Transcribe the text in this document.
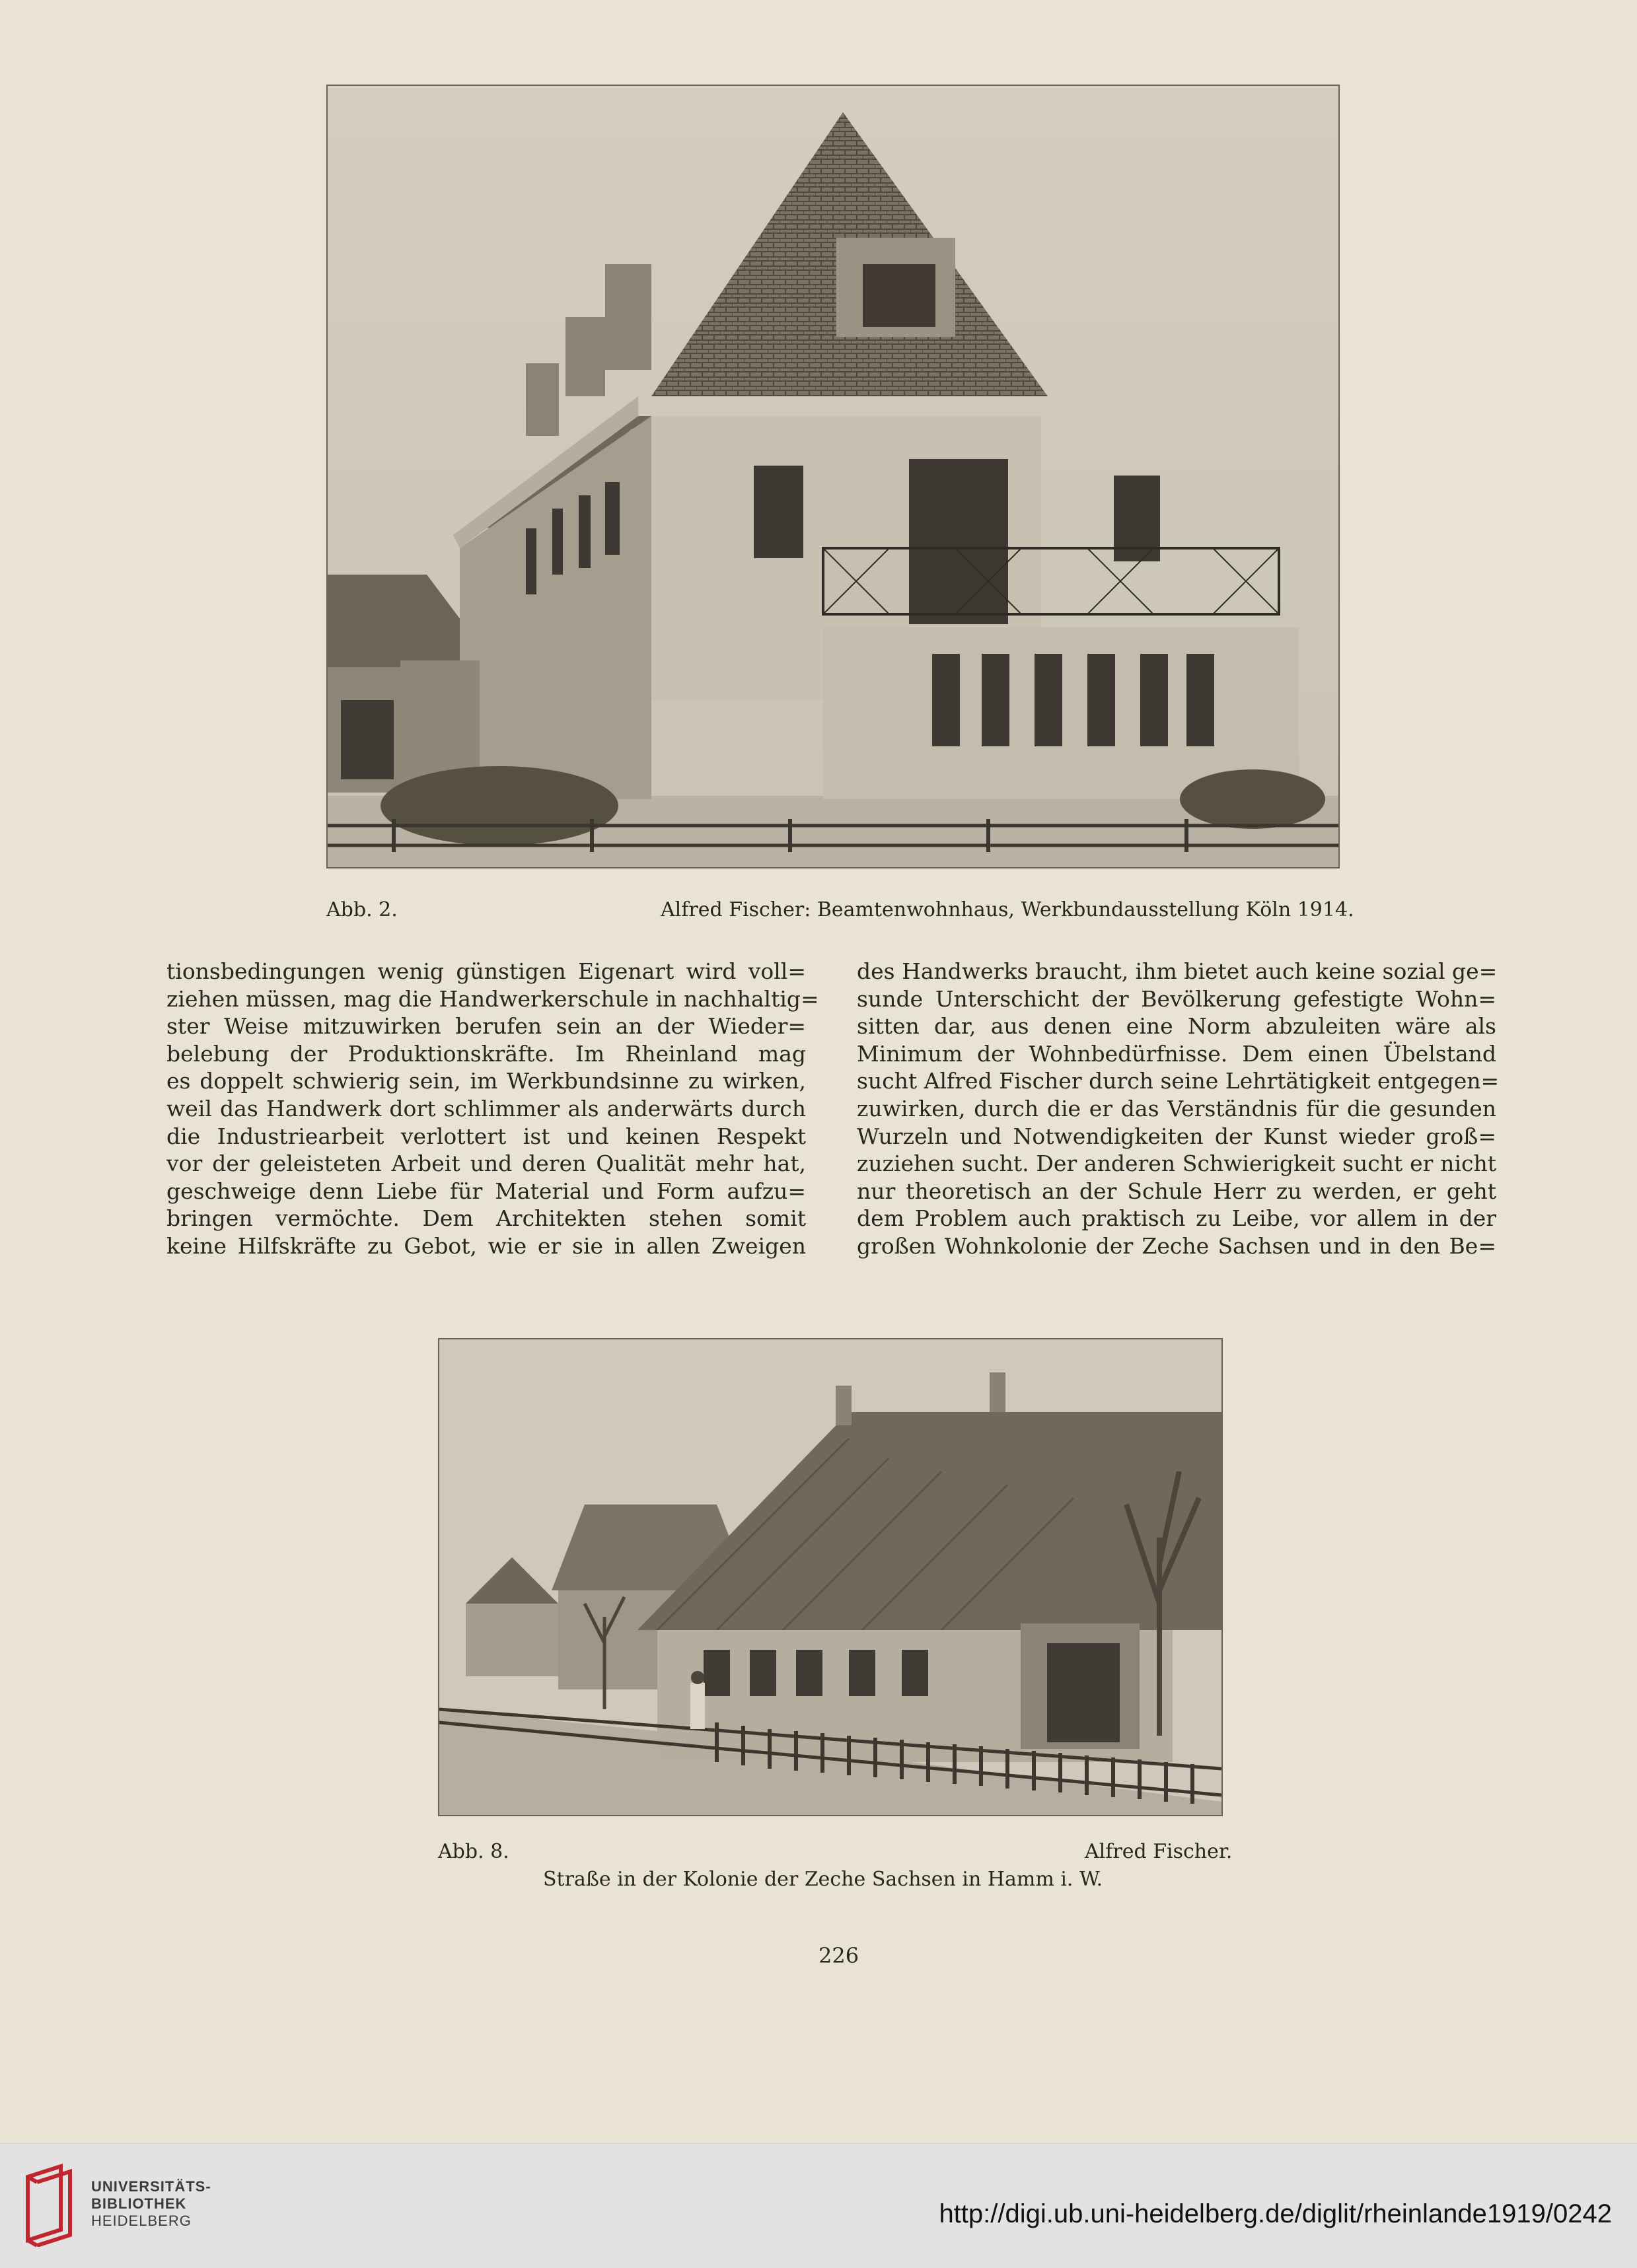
Abb. 2.	Alfred Fischer: Beamtenwohnhaus, Werkbundausstellung Köln 1914.

tionsbedingungen wenig günstigen Eigenart wird voll=

ziehen müssen, mag die Handwerkerschule in nachhaltig=

ster Weise mitzuwirken berufen sein an der Wieder=

belebung der Produktionskräfte. Im Rheinland mag

es doppelt schwierig sein, im Werkbundsinne zu wirken,

weil das Handwerk dort schlimmer als anderwärts durch

die Industriearbeit verlottert ist und keinen Respekt

vor der geleisteten Arbeit und deren Qualität mehr hat,

geschweige denn Liebe für Material und Form aufzu=

bringen vermöchte. Dem Architekten stehen somit

keine Hilfskräfte zu Gebot, wie er sie in allen Zweigen

des Handwerks braucht, ihm bietet auch keine sozial ge=

sunde Unterschicht der Bevölkerung gefestigte Wohn=

sitten dar, aus denen eine Norm abzuleiten wäre als

Minimum der Wohnbedürfnisse. Dem einen Übelstand

sucht Alfred Fischer durch seine Lehrtätigkeit entgegen=

zuwirken, durch die er das Verständnis für die gesunden

Wurzeln und Notwendigkeiten der Kunst wieder groß=

zuziehen sucht. Der anderen Schwierigkeit sucht er nicht

nur theoretisch an der Schule Herr zu werden, er geht

dem Problem auch praktisch zu Leibe, vor allem in der

großen Wohnkolonie der Zeche Sachsen und in den Be=

Abb. 8.	Alfred Fischer.
Straße in der Kolonie der Zeche Sachsen in Hamm i. W.
226
UNIVERSITÄTS-
BIBLIOTHEK
HEIDELBERG	http://digi.ub.uni-heidelberg.de/diglit/rheinlande1919/0242
